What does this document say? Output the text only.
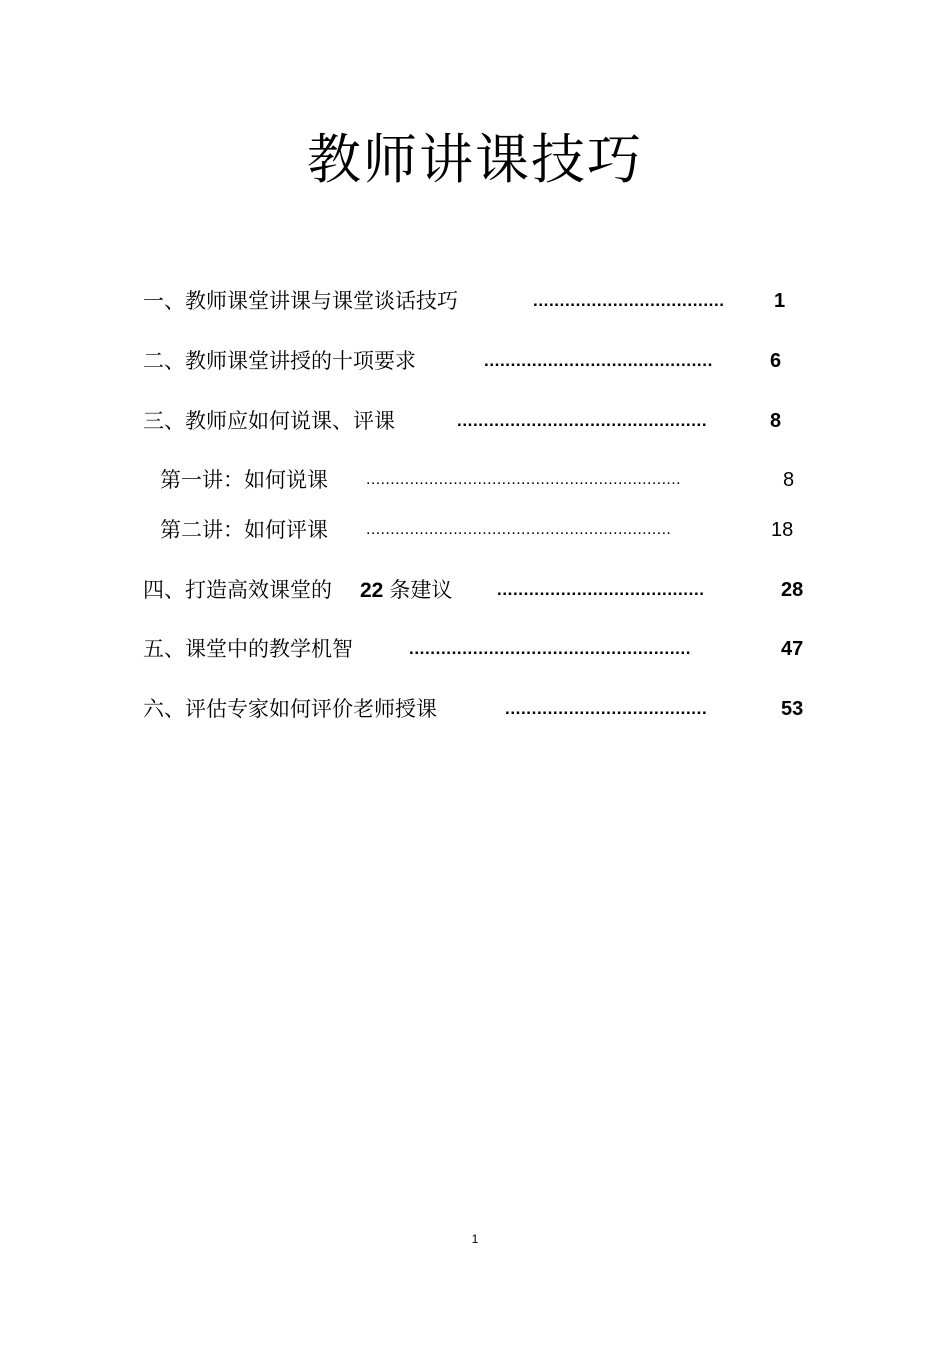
教师讲课技巧
一、教师课堂讲课与课堂谈话技巧	....................................	1
二、教师课堂讲授的十项要求	...........................................	6
三、教师应如何说课、评课	...............................................	8
第一讲：如何说课 .................................................................	8
第二讲：如何评课 ...............................................................	18
四、打造高效课堂的 22 条建议	.......................................	28
五、课堂中的教学机智	.....................................................	47
六、评估专家如何评价老师授课	......................................	53
1
